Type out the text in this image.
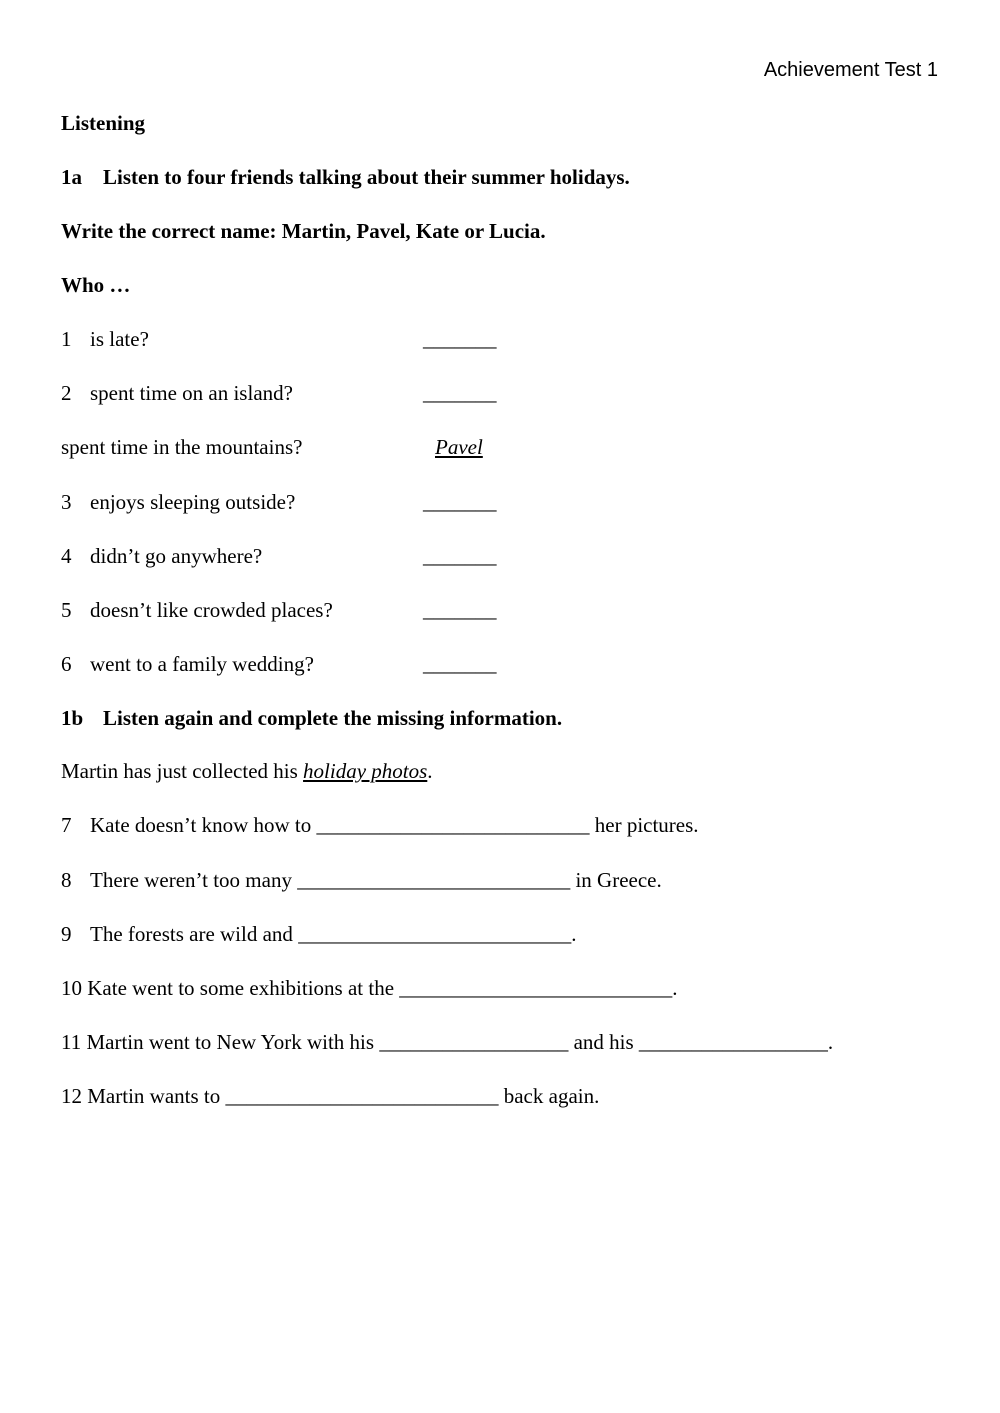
Achievement Test 1
Listening
1a Listen to four friends talking about their summer holidays.
Write the correct name: Martin, Pavel, Kate or Lucia.
Who …
1 is late?	_______
2 spent time on an island?	_______
spent time in the mountains?	Pavel
3 enjoys sleeping outside?	_______
4 didn’t go anywhere?	_______
5 doesn’t like crowded places?	_______
6 went to a family wedding?	_______
1b Listen again and complete the missing information.
Martin has just collected his holiday photos.
7 Kate doesn’t know how to __________________________ her pictures.
8 There weren’t too many __________________________ in Greece.
9 The forests are wild and __________________________.
10 Kate went to some exhibitions at the __________________________.
11 Martin went to New York with his __________________ and his __________________.
12 Martin wants to __________________________ back again.
